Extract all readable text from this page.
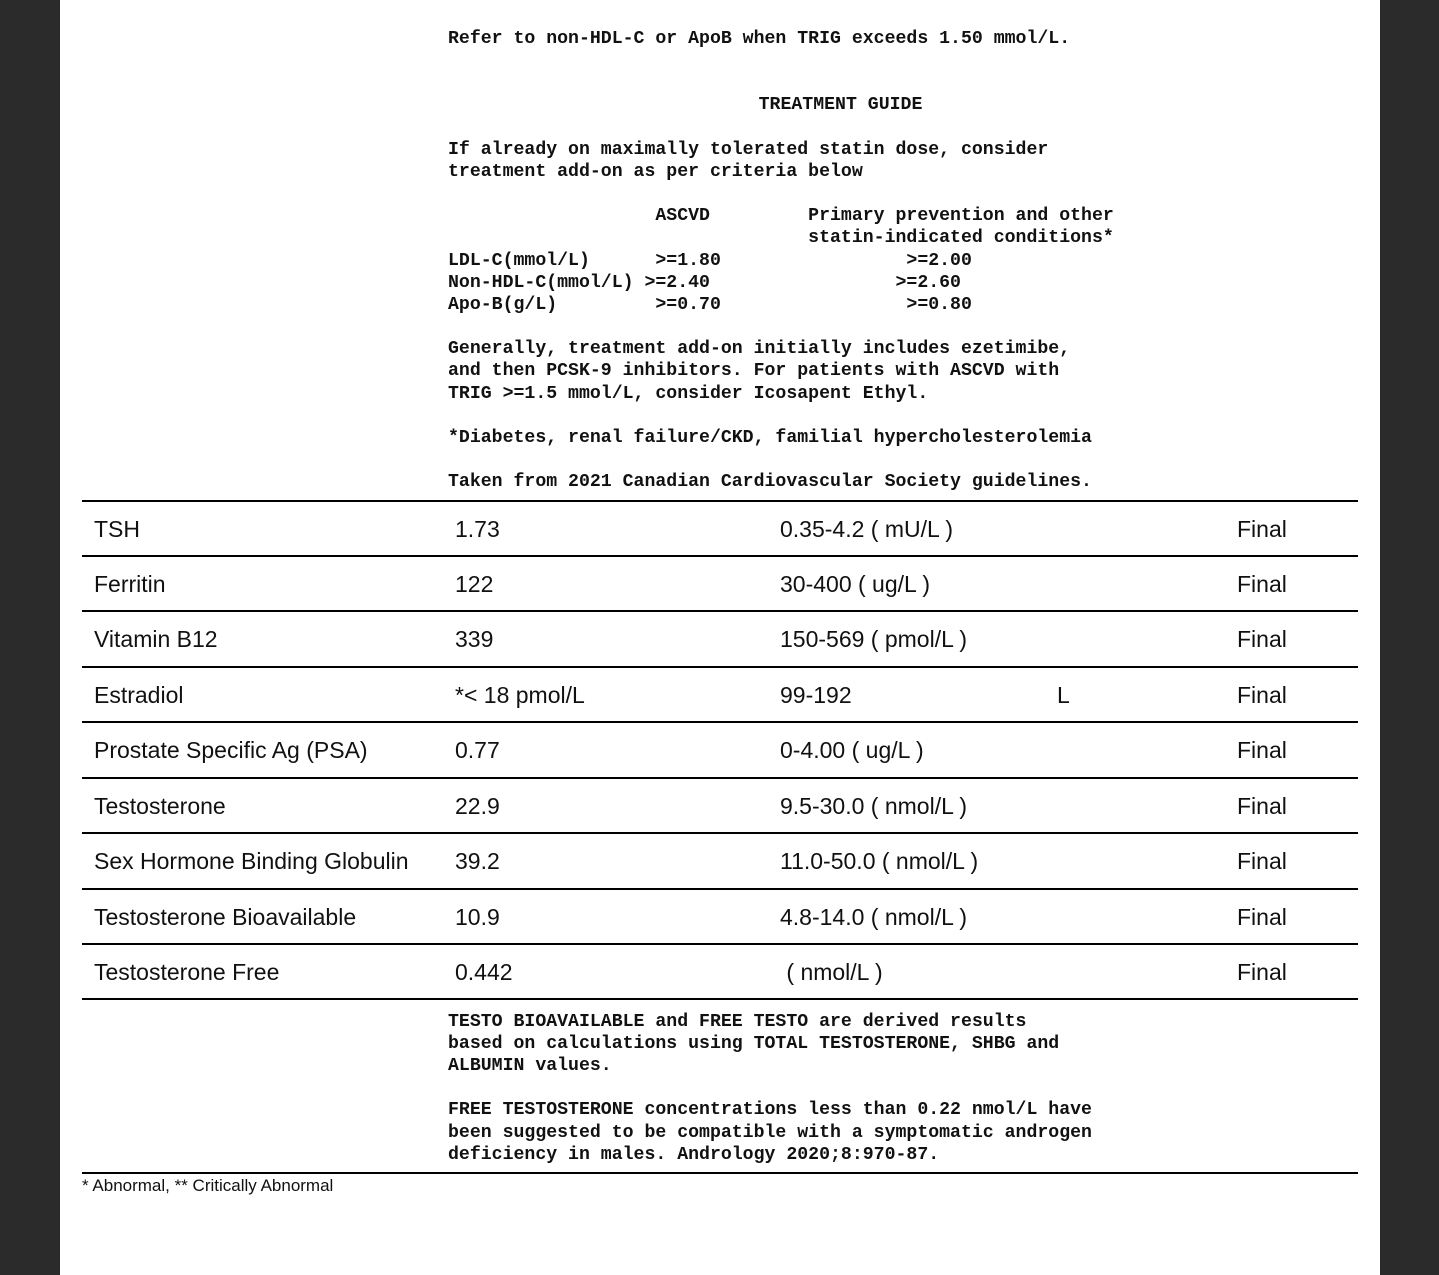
Refer to non-HDL-C or ApoB when TRIG exceeds 1.50 mmol/L.

TREATMENT GUIDE

If already on maximally tolerated statin dose, consider

treatment add-on as per criteria below

ASCVD         Primary prevention and other

statin-indicated conditions*

LDL-C(mmol/L)      >=1.80                 >=2.00

Non-HDL-C(mmol/L) >=2.40                 >=2.60

Apo-B(g/L)         >=0.70                 >=0.80

Generally, treatment add-on initially includes ezetimibe,

and then PCSK-9 inhibitors. For patients with ASCVD with

TRIG >=1.5 mmol/L, consider Icosapent Ethyl.

*Diabetes, renal failure/CKD, familial hypercholesterolemia

Taken from 2021 Canadian Cardiovascular Society guidelines.

TSH	1.73	0.35-4.2 ( mU/L )	Final
Ferritin	122	30-400 ( ug/L )	Final
Vitamin B12	339	150-569 ( pmol/L )	Final
Estradiol	*< 18 pmol/L	99-192	L	Final
Prostate Specific Ag (PSA)	0.77	0-4.00 ( ug/L )	Final
Testosterone	22.9	9.5-30.0 ( nmol/L )	Final
Sex Hormone Binding Globulin 39.2	11.0-50.0 ( nmol/L )	Final
Testosterone Bioavailable	10.9	4.8-14.0 ( nmol/L )	Final
Testosterone Free	0.442	( nmol/L )	Final

TESTO BIOAVAILABLE and FREE TESTO are derived results

based on calculations using TOTAL TESTOSTERONE, SHBG and

ALBUMIN values.

FREE TESTOSTERONE concentrations less than 0.22 nmol/L have

been suggested to be compatible with a symptomatic androgen

deficiency in males. Andrology 2020;8:970-87.

* Abnormal, ** Critically Abnormal
